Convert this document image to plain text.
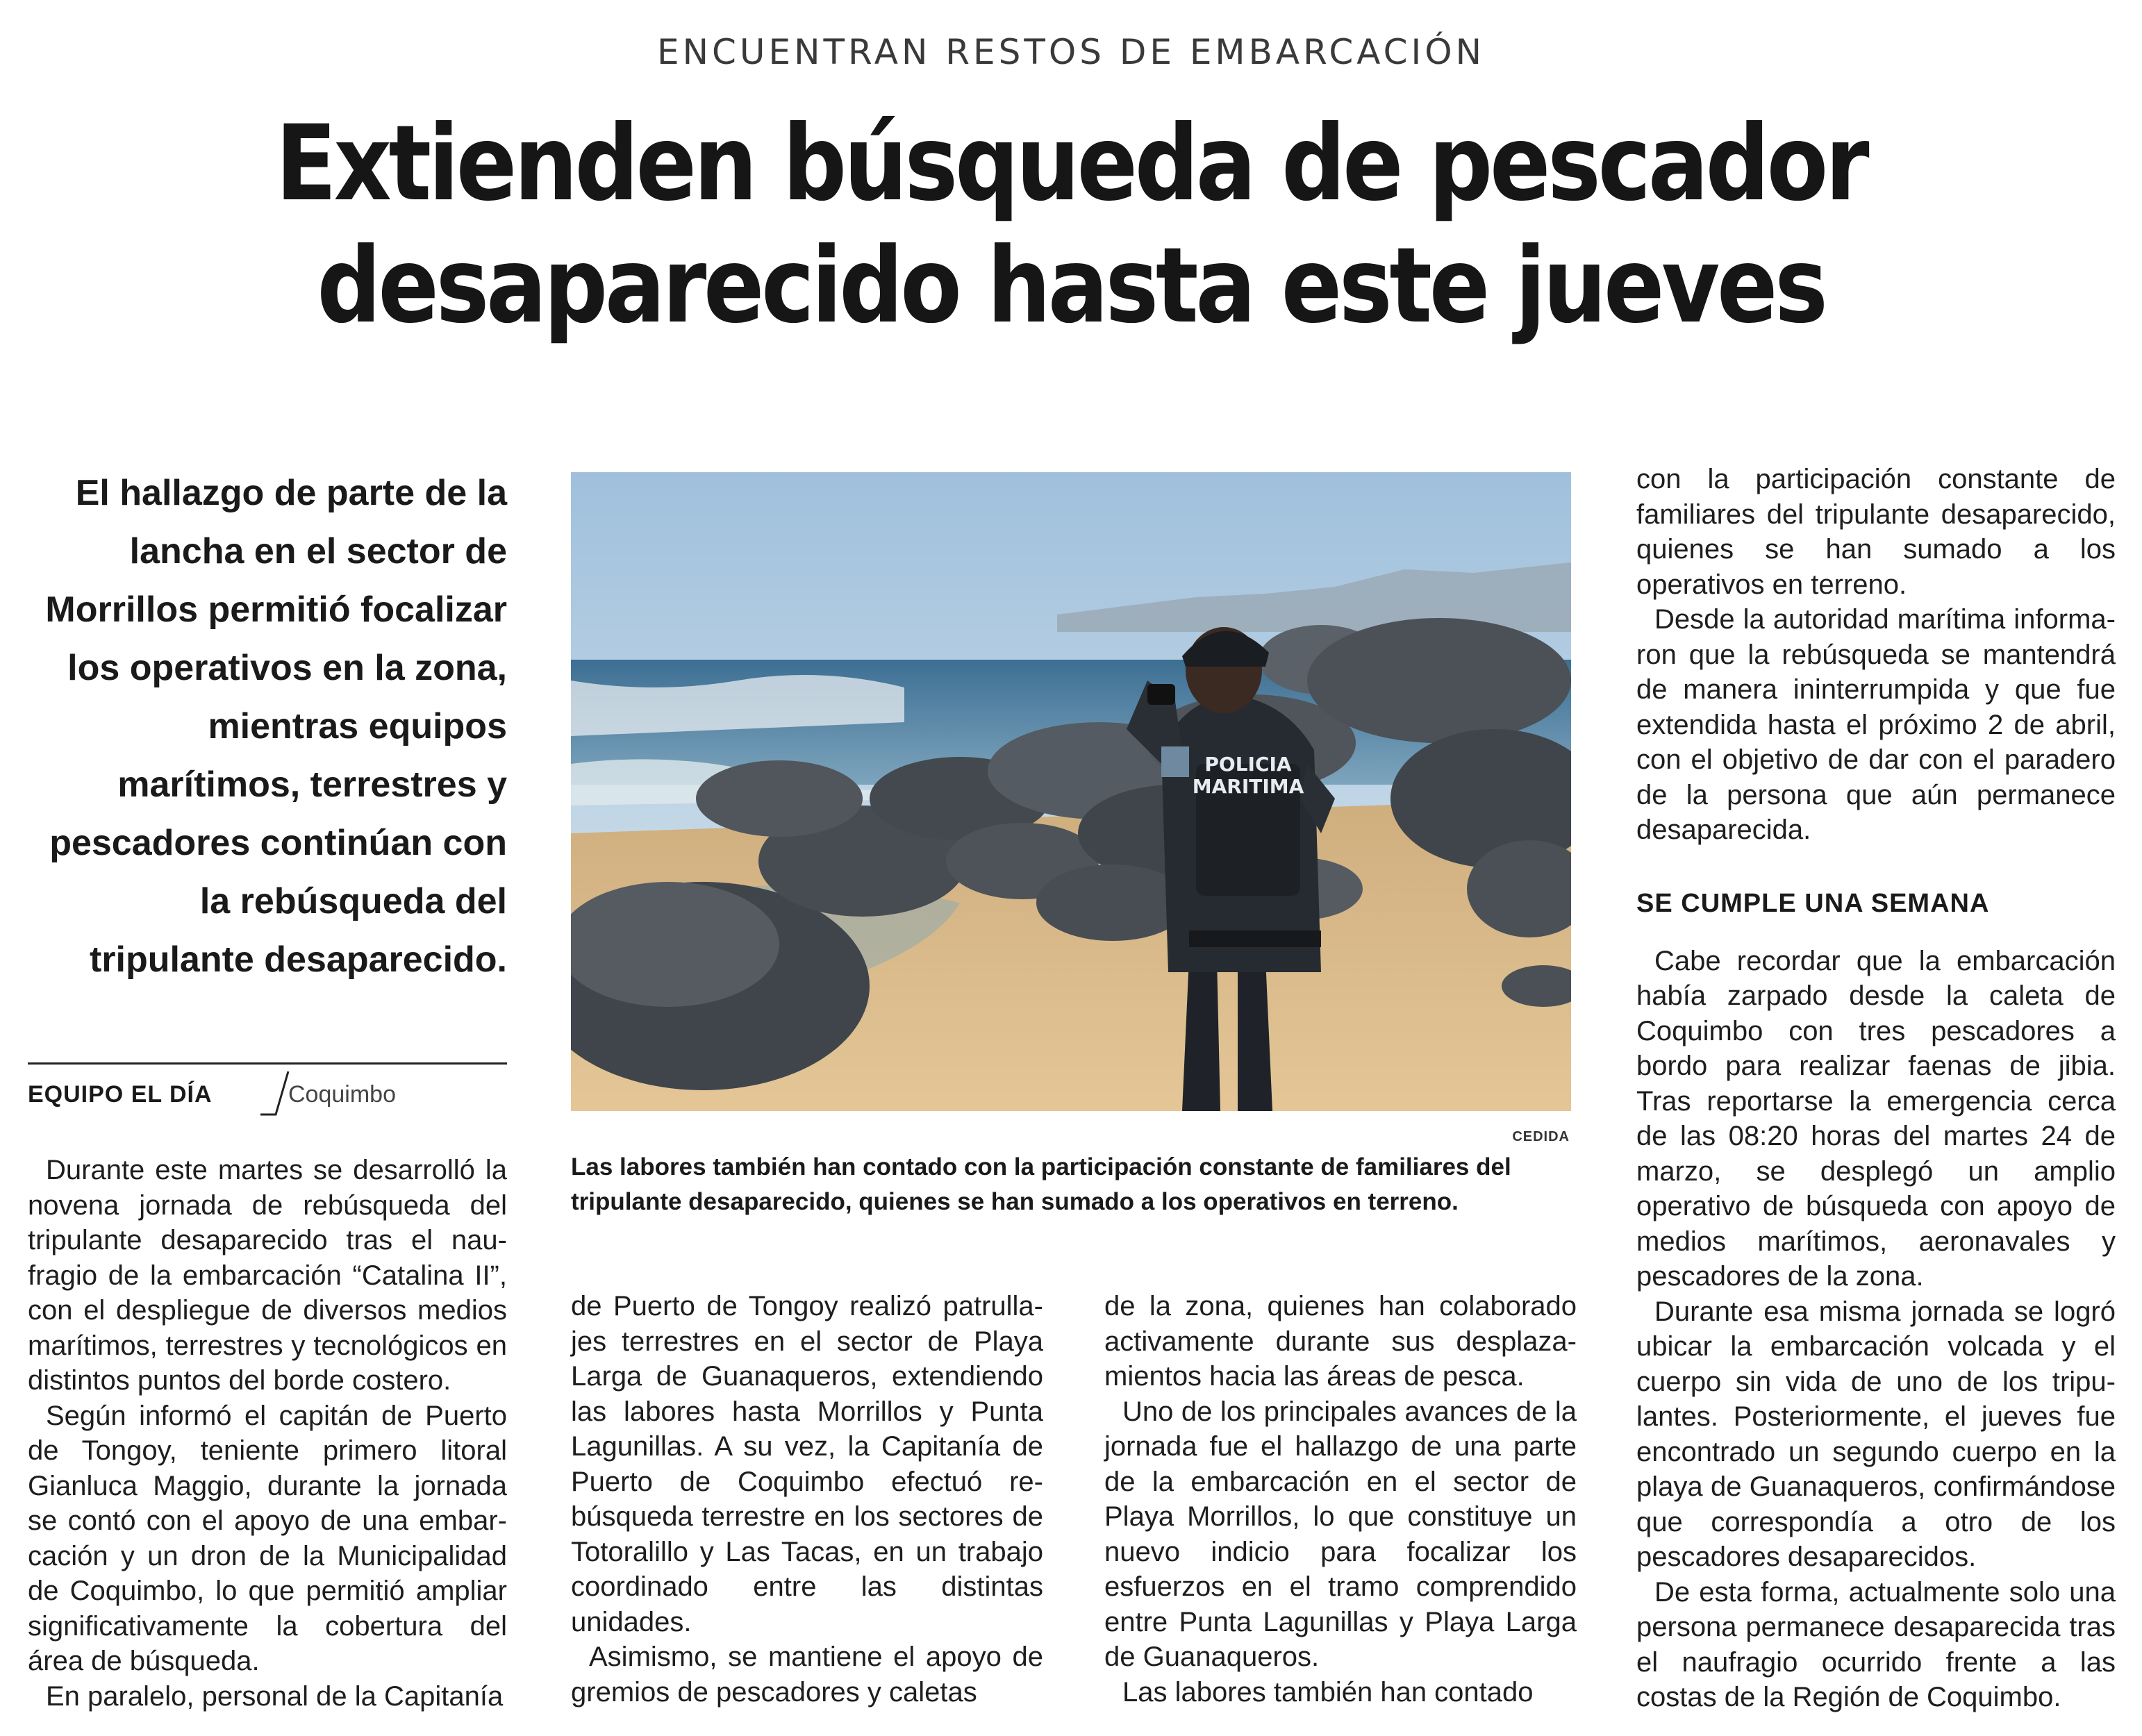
ENCUENTRAN RESTOS DE EMBARCACIÓN
Extienden búsqueda de pescador
desaparecido hasta este jueves
El hallazgo de parte de la lancha en el sector de Morrillos permitió focalizar los operativos en la zona, mientras equipos marítimos, terrestres y pescadores continúan con la rebúsqueda del tripulante desaparecido.
EQUIPO EL DÍA	Coquimbo
POLICIA
MARITIMA
CEDIDA
Las labores también han contado con la participación constante de familiares del tripulante desaparecido, quienes se han sumado a los operativos en terreno.

Durante este martes se desarrolló la novena jornada de rebúsqueda del tripulante desaparecido tras el naufragio de la embarcación “Catalina II”, con el despliegue de diversos medios marítimos, terrestres y tecnológicos en distintos puntos del borde costero.

Según informó el capitán de Puerto de Tongoy, teniente primero litoral Gianluca Maggio, durante la jornada se contó con el apoyo de una embarcación y un dron de la Municipalidad de Coquimbo, lo que permitió ampliar significativamente la cobertura del área de búsqueda.

En paralelo, personal de la Capitanía

de Puerto de Tongoy realizó patrullajes terrestres en el sector de Playa Larga de Guanaqueros, extendiendo las labores hasta Morrillos y Punta Lagunillas. A su vez, la Capitanía de Puerto de Coquimbo efectuó rebúsqueda terrestre en los sectores de Totoralillo y Las Tacas, en un trabajo coordinado entre las distintas unidades.

Asimismo, se mantiene el apoyo de gremios de pescadores y caletas

de la zona, quienes han colaborado activamente durante sus desplazamientos hacia las áreas de pesca.

Uno de los principales avances de la jornada fue el hallazgo de una parte de la embarcación en el sector de Playa Morrillos, lo que constituye un nuevo indicio para focalizar los esfuerzos en el tramo comprendido entre Punta Lagunillas y Playa Larga de Guanaqueros.

Las labores también han contado

con la participación constante de familiares del tripulante desaparecido, quienes se han sumado a los operativos en terreno.

Desde la autoridad marítima informaron que la rebúsqueda se mantendrá de manera ininterrumpida y que fue extendida hasta el próximo 2 de abril, con el objetivo de dar con el paradero de la persona que aún permanece desaparecida.

SE CUMPLE UNA SEMANA

Cabe recordar que la embarcación había zarpado desde la caleta de Coquimbo con tres pescadores a bordo para realizar faenas de jibia. Tras reportarse la emergencia cerca de las 08:20 horas del martes 24 de marzo, se desplegó un amplio operativo de búsqueda con apoyo de medios marítimos, aeronavales y pescadores de la zona.

Durante esa misma jornada se logró ubicar la embarcación volcada y el cuerpo sin vida de uno de los tripulantes. Posteriormente, el jueves fue encontrado un segundo cuerpo en la playa de Guanaqueros, confirmándose que correspondía a otro de los pescadores desaparecidos.

De esta forma, actualmente solo una persona permanece desaparecida tras el naufragio ocurrido frente a las costas de la Región de Coquimbo.
